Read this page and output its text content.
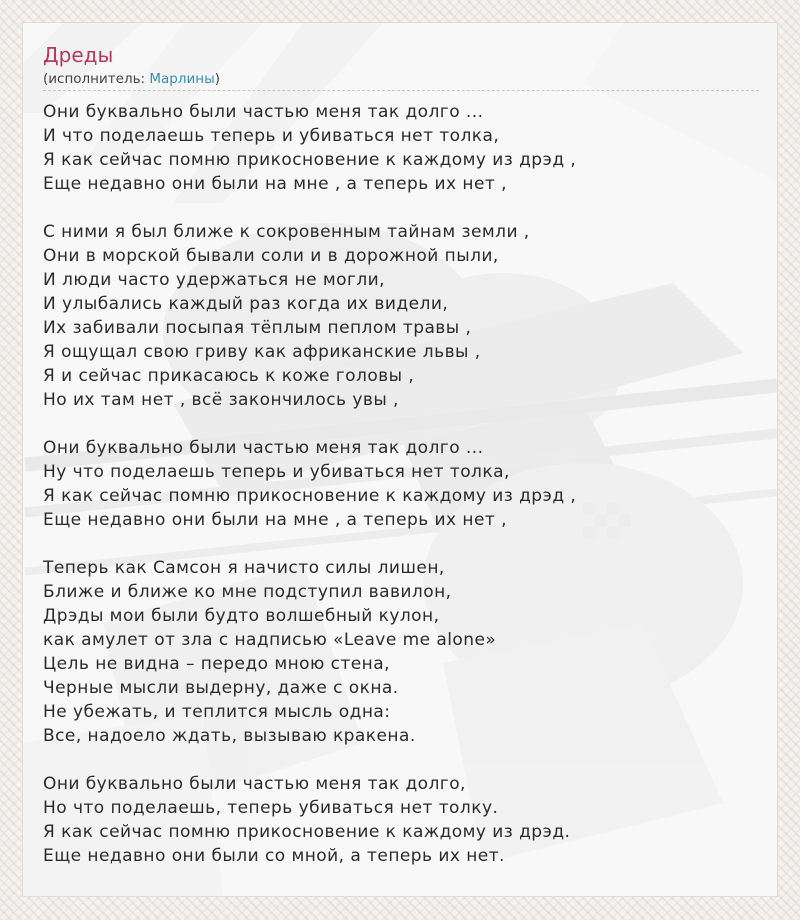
Дреды
(исполнитель: Марлины)
Они буквально были частью меня так долго ...
И что поделаешь теперь и убиваться нет толка,
Я как сейчас помню прикосновение к каждому из дрэд ,
Еще недавно они были на мне , а теперь их нет ,
С ними я был ближе к сокровенным тайнам земли ,
Они в морской бывали соли и в дорожной пыли,
И люди часто удержаться не могли,
И улыбались каждый раз когда их видели,
Их забивали посыпая тёплым пеплом травы ,
Я ощущал свою гриву как африканские львы ,
Я и сейчас прикасаюсь к коже головы ,
Но их там нет , всё закончилось увы ,
Они буквально были частью меня так долго ...
Ну что поделаешь теперь и убиваться нет толка,
Я как сейчас помню прикосновение к каждому из дрэд ,
Еще недавно они были на мне , а теперь их нет ,
Теперь как Самсон я начисто силы лишен,
Ближе и ближе ко мне подступил вавилон,
Дрэды мои были будто волшебный кулон,
как амулет от зла с надписью «Leave me alone»
Цель не видна – передо мною стена,
Черные мысли выдерну, даже с окна.
Не убежать, и теплится мысль одна:
Все, надоело ждать, вызываю кракена.
Они буквально были частью меня так долго,
Но что поделаешь, теперь убиваться нет толку.
Я как сейчас помню прикосновение к каждому из дрэд.
Еще недавно они были со мной, а теперь их нет.
